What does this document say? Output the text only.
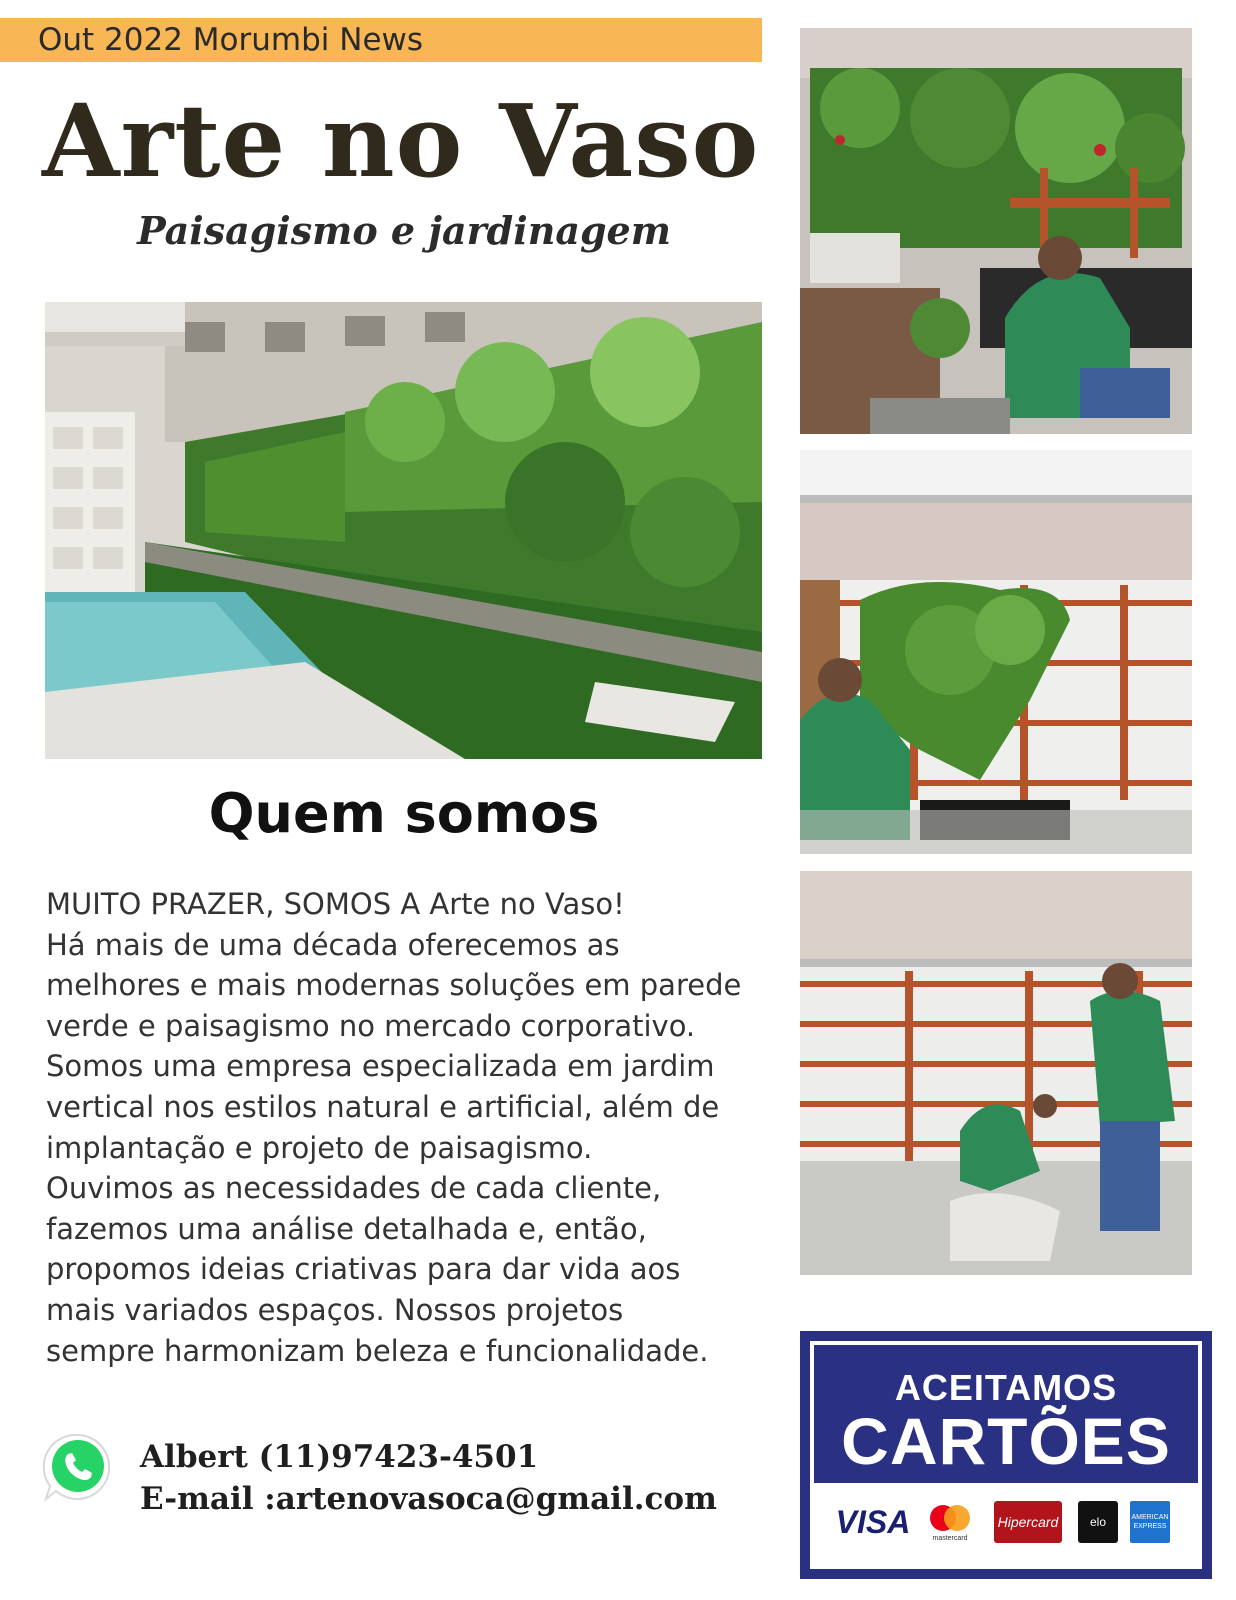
Out 2022 Morumbi News
Arte no Vaso
Paisagismo e jardinagem
Quem somos

MUITO PRAZER, SOMOS A Arte no Vaso!
Há mais de uma década oferecemos as
melhores e mais modernas soluções em parede
verde e paisagismo no mercado corporativo.
Somos uma empresa especializada em jardim
vertical nos estilos natural e artificial, além de
implantação e projeto de paisagismo.
Ouvimos as necessidades de cada cliente,
fazemos uma análise detalhada e, então,
propomos ideias criativas para dar vida aos
mais variados espaços. Nossos projetos
sempre harmonizam beleza e funcionalidade.

Albert (11)97423-4501
E-mail :artenovasoca@gmail.com
ACEITAMOS
CARTÕES
VISA	mastercard
Hipercard	elo	AMERICAN EXPRESS
